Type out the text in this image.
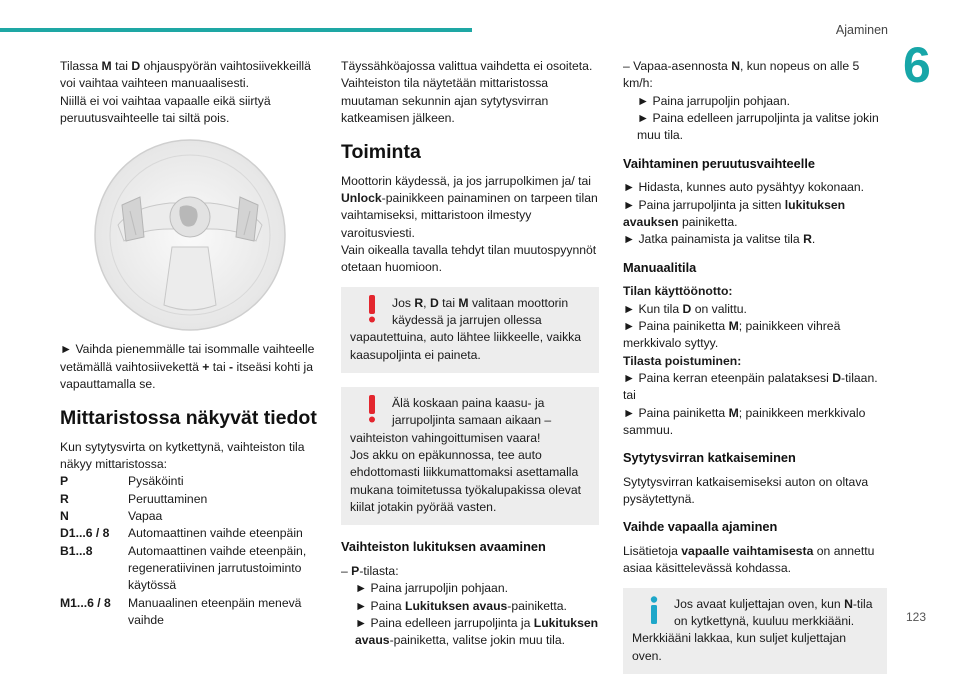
Ajaminen
6
123

Tilassa M tai D ohjauspyörän vaihtosiivekkeillä voi vaihtaa vaihteen manuaalisesti.

Niillä ei voi vaihtaa vapaalle eikä siirtyä peruutusvaihteelle tai siltä pois.

► Vaihda pienemmälle tai isommalle vaihteelle vetämällä vaihtosiivekettä + tai - itseäsi kohti ja vapauttamalla se.

Mittaristossa näkyvät tiedot

Kun sytytysvirta on kytkettynä, vaihteiston tila näkyy mittaristossa:

P	Pysäköinti
R	Peruuttaminen
N	Vapaa
D1...6 / 8	Automaattinen vaihde eteenpäin
B1...8	Automaattinen vaihde eteenpäin, regeneratiivinen jarrutustoiminto käytössä
M1...6 / 8	Manuaalinen eteenpäin menevä vaihde

Täyssähköajossa valittua vaihdetta ei osoiteta. Vaihteiston tila näytetään mittaristossa muutaman sekunnin ajan sytytysvirran katkeamisen jälkeen.

Toiminta

Moottorin käydessä, ja jos jarrupolkimen ja/ tai Unlock-painikkeen painaminen on tarpeen tilan vaihtamiseksi, mittaristoon ilmestyy varoitusviesti.

Vain oikealla tavalla tehdyt tilan muutospyynnöt otetaan huomioon.

Jos R, D tai M valitaan moottorin käydessä ja jarrujen ollessa vapautettuina, auto lähtee liikkeelle, vaikka kaasupoljinta ei paineta.
Älä koskaan paina kaasu- ja jarrupoljinta samaan aikaan – vaihteiston vahingoittumisen vaara!
Jos akku on epäkunnossa, tee auto ehdottomasti liikkumattomaksi asettamalla mukana toimitetussa työkalupakissa olevat kiilat jotakin pyörää vasten.
Vaihteiston lukituksen avaaminen

– P-tilasta:

► Paina jarrupoljin pohjaan.

► Paina Lukituksen avaus-painiketta.

► Paina edelleen jarrupoljinta ja Lukituksen avaus-painiketta, valitse jokin muu tila.

– Vapaa-asennosta N, kun nopeus on alle 5 km/h:

► Paina jarrupoljin pohjaan.

► Paina edelleen jarrupoljinta ja valitse jokin muu tila.

Vaihtaminen peruutusvaihteelle

► Hidasta, kunnes auto pysähtyy kokonaan.

► Paina jarrupoljinta ja sitten lukituksen avauksen painiketta.

► Jatka painamista ja valitse tila R.

Manuaalitila
Tilan käyttöönotto:

► Kun tila D on valittu.

► Paina painiketta M; painikkeen vihreä merkkivalo syttyy.

Tilasta poistuminen:

► Paina kerran eteenpäin palataksesi D-tilaan.

tai

► Paina painiketta M; painikkeen merkkivalo sammuu.

Sytytysvirran katkaiseminen

Sytytysvirran katkaisemiseksi auton on oltava pysäytettynä.

Vaihde vapaalla ajaminen

Lisätietoja vapaalle vaihtamisesta on annettu asiaa käsittelevässä kohdassa.

Jos avaat kuljettajan oven, kun N-tila on kytkettynä, kuuluu merkkiääni.
Merkkiääni lakkaa, kun suljet kuljettajan oven.
